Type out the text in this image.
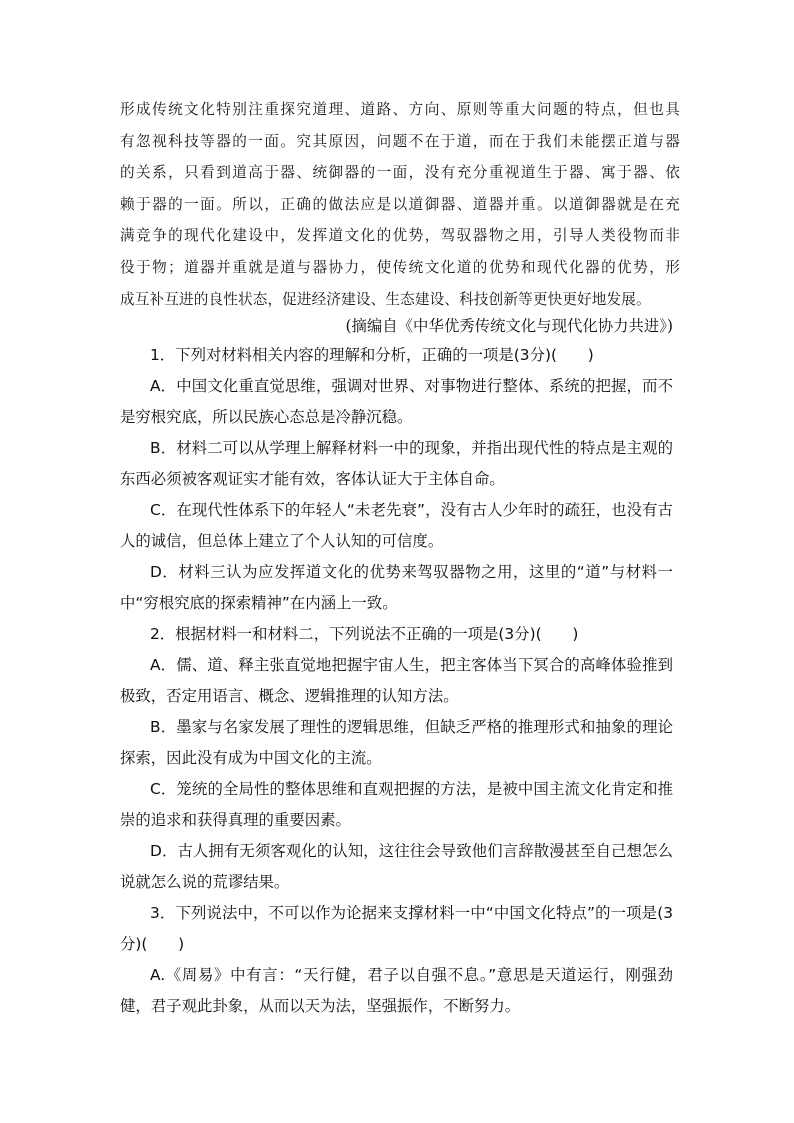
形成传统文化特别注重探究道理、道路、方向、原则等重大问题的特点，但也具

有忽视科技等器的一面。究其原因，问题不在于道，而在于我们未能摆正道与器

的关系，只看到道高于器、统御器的一面，没有充分重视道生于器、寓于器、依

赖于器的一面。所以，正确的做法应是以道御器、道器并重。以道御器就是在充

满竞争的现代化建设中，发挥道文化的优势，驾驭器物之用，引导人类役物而非

役于物；道器并重就是道与器协力，使传统文化道的优势和现代化器的优势，形

成互补互进的良性状态，促进经济建设、生态建设、科技创新等更快更好地发展。

(摘编自《中华优秀传统文化与现代化协力共进》)

1．下列对材料相关内容的理解和分析，正确的一项是(3分)(　　)

A．中国文化重直觉思维，强调对世界、对事物进行整体、系统的把握，而不是穷根究底，所以民族心态总是冷静沉稳。

B．材料二可以从学理上解释材料一中的现象，并指出现代性的特点是主观的东西必须被客观证实才能有效，客体认证大于主体自命。

C．在现代性体系下的年轻人“未老先衰”，没有古人少年时的疏狂，也没有古人的诚信，但总体上建立了个人认知的可信度。

D．材料三认为应发挥道文化的优势来驾驭器物之用，这里的“道”与材料一中“穷根究底的探索精神”在内涵上一致。

2．根据材料一和材料二，下列说法不正确的一项是(3分)(　　)

A．儒、道、释主张直觉地把握宇宙人生，把主客体当下冥合的高峰体验推到极致，否定用语言、概念、逻辑推理的认知方法。

B．墨家与名家发展了理性的逻辑思维，但缺乏严格的推理形式和抽象的理论探索，因此没有成为中国文化的主流。

C．笼统的全局性的整体思维和直观把握的方法，是被中国主流文化肯定和推崇的追求和获得真理的重要因素。

D．古人拥有无须客观化的认知，这往往会导致他们言辞散漫甚至自己想怎么说就怎么说的荒谬结果。

3．下列说法中，不可以作为论据来支撑材料一中“中国文化特点”的一项是(3分)(　　)

A.《周易》中有言：“天行健，君子以自强不息。”意思是天道运行，刚强劲健，君子观此卦象，从而以天为法，坚强振作，不断努力。
